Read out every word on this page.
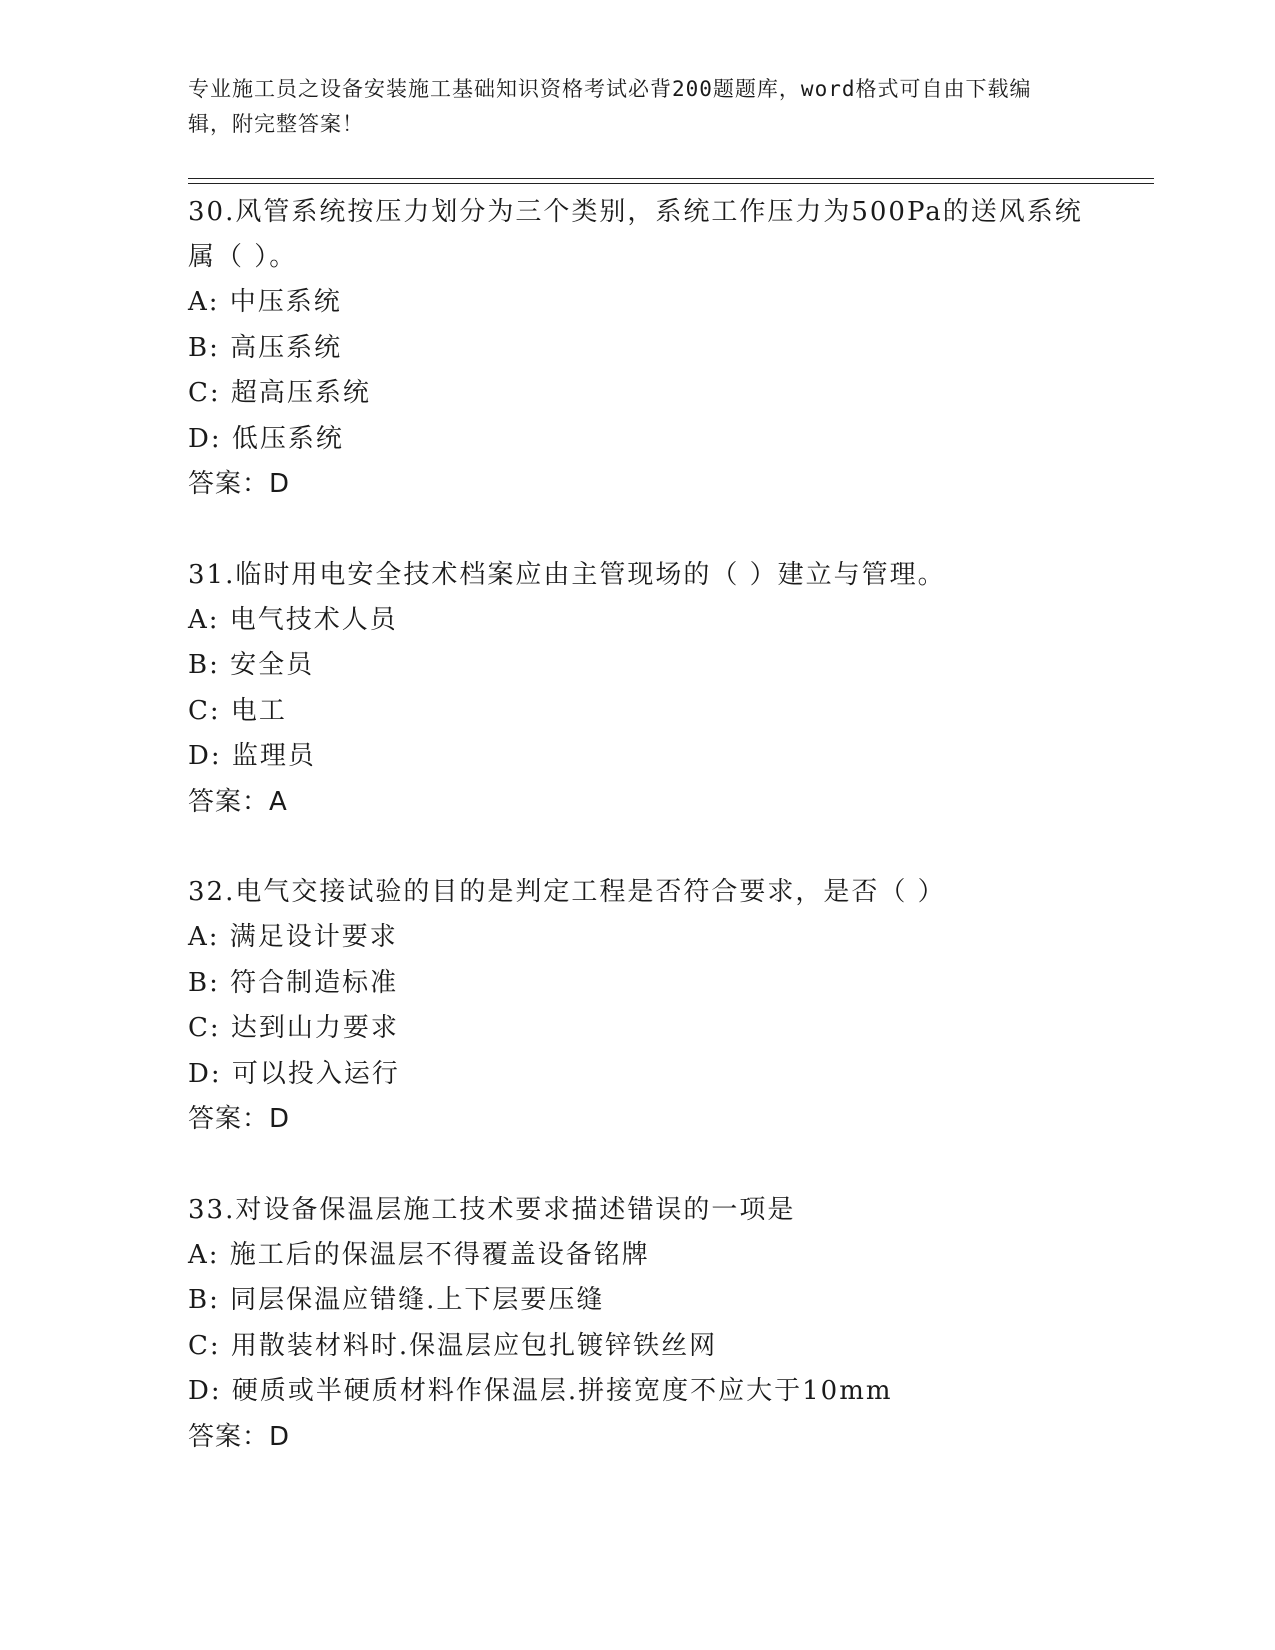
专业施工员之设备安装施工基础知识资格考试必背200题题库，word格式可自由下载编辑，附完整答案！

30.风管系统按压力划分为三个类别，系统工作压力为500Pa的送风系统属（ ）。

A: 中压系统

B: 高压系统

C: 超高压系统

D: 低压系统

答案：D

31.临时用电安全技术档案应由主管现场的（ ）建立与管理。

A: 电气技术人员

B: 安全员

C: 电工

D: 监理员

答案：A

32.电气交接试验的目的是判定工程是否符合要求，是否（ ）

A: 满足设计要求

B: 符合制造标准

C: 达到山力要求

D: 可以投入运行

答案：D

33.对设备保温层施工技术要求描述错误的一项是

A: 施工后的保温层不得覆盖设备铭牌

B: 同层保温应错缝.上下层要压缝

C: 用散装材料时.保温层应包扎镀锌铁丝网

D: 硬质或半硬质材料作保温层.拼接宽度不应大于10mm

答案：D
